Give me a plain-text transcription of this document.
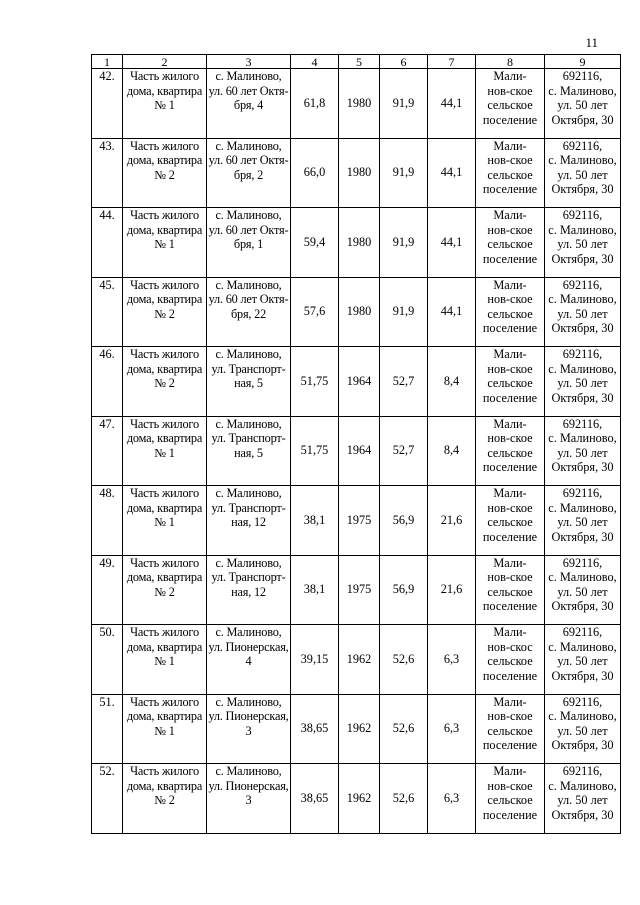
11
1	2	3	4	5	6	7	8	9
42.	Часть жилого
дома, квартира
№ 1	с. Малиново,
ул. 60 лет Октя-
бря, 4	61,8	1980	91,9	44,1	Мали-
нов-ское
сельское
поселение	692116,
с. Малиново,
ул. 50 лет
Октября, 30

43.	Часть жилого
дома, квартира
№ 2	с. Малиново,
ул. 60 лет Октя-
бря, 2	66,0	1980	91,9	44,1	Мали-
нов-ское
сельское
поселение	692116,
с. Малиново,
ул. 50 лет
Октября, 30

44.	Часть жилого
дома, квартира
№ 1	с. Малиново,
ул. 60 лет Октя-
бря, 1	59,4	1980	91,9	44,1	Мали-
нов-ское
сельское
поселение	692116,
с. Малиново,
ул. 50 лет
Октября, 30

45.	Часть жилого
дома, квартира
№ 2	с. Малиново,
ул. 60 лет Октя-
бря, 22	57,6	1980	91,9	44,1	Мали-
нов-ское
сельское
поселение	692116,
с. Малиново,
ул. 50 лет
Октября, 30

46.	Часть жилого
дома, квартира
№ 2	с. Малиново,
ул. Транспорт-
ная, 5	51,75	1964	52,7	8,4	Мали-
нов-ское
сельское
поселение	692116,
с. Малиново,
ул. 50 лет
Октября, 30

47.	Часть жилого
дома, квартира
№ 1	с. Малиново,
ул. Транспорт-
ная, 5	51,75	1964	52,7	8,4	Мали-
нов-ское
сельское
поселение	692116,
с. Малиново,
ул. 50 лет
Октября, 30

48.	Часть жилого
дома, квартира
№ 1	с. Малиново,
ул. Транспорт-
ная, 12	38,1	1975	56,9	21,6	Мали-
нов-ское
сельское
поселение	692116,
с. Малиново,
ул. 50 лет
Октября, 30

49.	Часть жилого
дома, квартира
№ 2	с. Малиново,
ул. Транспорт-
ная, 12	38,1	1975	56,9	21,6	Мали-
нов-ское
сельское
поселение	692116,
с. Малиново,
ул. 50 лет
Октября, 30

50.	Часть жилого
дома, квартира
№ 1	с. Малиново,
ул. Пионерская,
4	39,15	1962	52,6	6,3	Мали-
нов-скос
сельское
поселение	692116,
с. Малиново,
ул. 50 лет
Октября, 30

51.	Часть жилого
дома, квартира
№ 1	с. Малиново,
ул. Пионерская,
3	38,65	1962	52,6	6,3	Мали-
нов-ское
сельское
поселение	692116,
с. Малиново,
ул. 50 лет
Октября, 30

52.	Часть жилого
дома, квартира
№ 2	с. Малиново,
ул. Пионерская,
3	38,65	1962	52,6	6,3	Мали-
нов-ское
сельское
поселение	692116,
с. Малиново,
ул. 50 лет
Октября, 30
